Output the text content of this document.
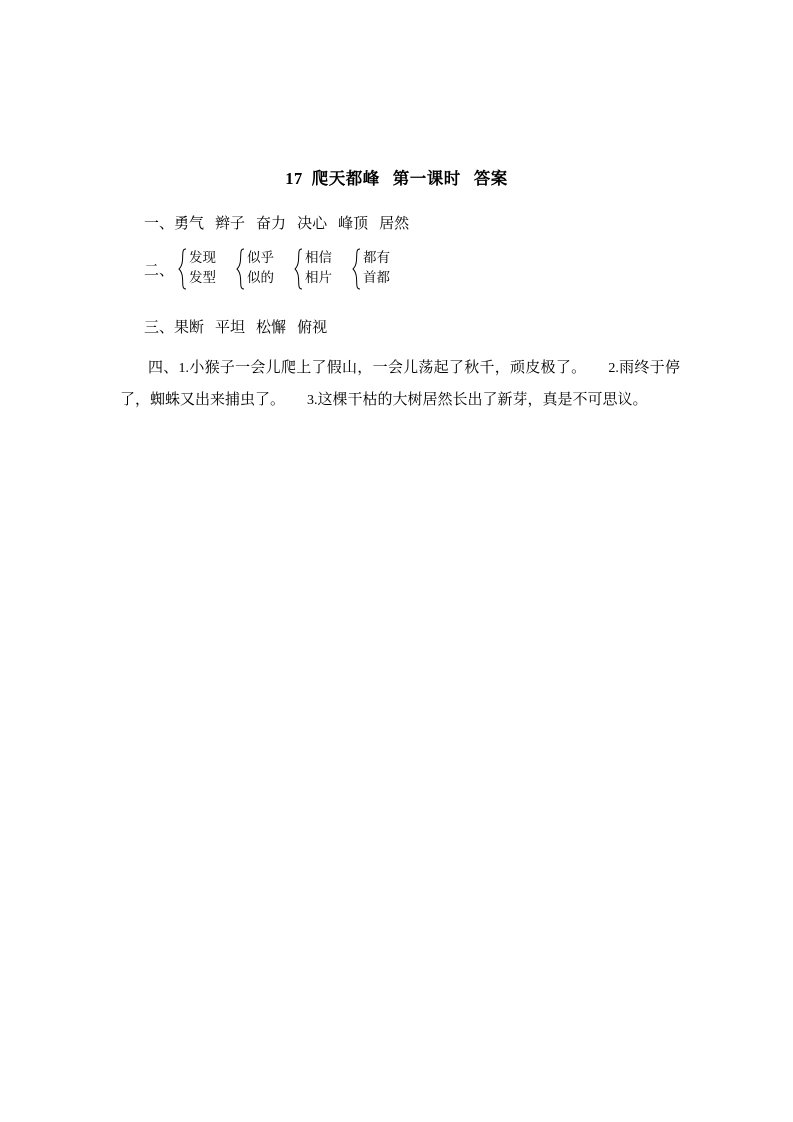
17 爬天都峰 第一课时 答案
一、勇气 辫子 奋力 决心 峰顶 居然
二、
发现
发型
似乎
似的
相信
相片
都有
首都
三、果断 平坦 松懈 俯视
四、1.小猴子一会儿爬上了假山，一会儿荡起了秋千，顽皮极了。 2.雨终于停了，蜘蛛又出来捕虫了。 3.这棵干枯的大树居然长出了新芽，真是不可思议。
